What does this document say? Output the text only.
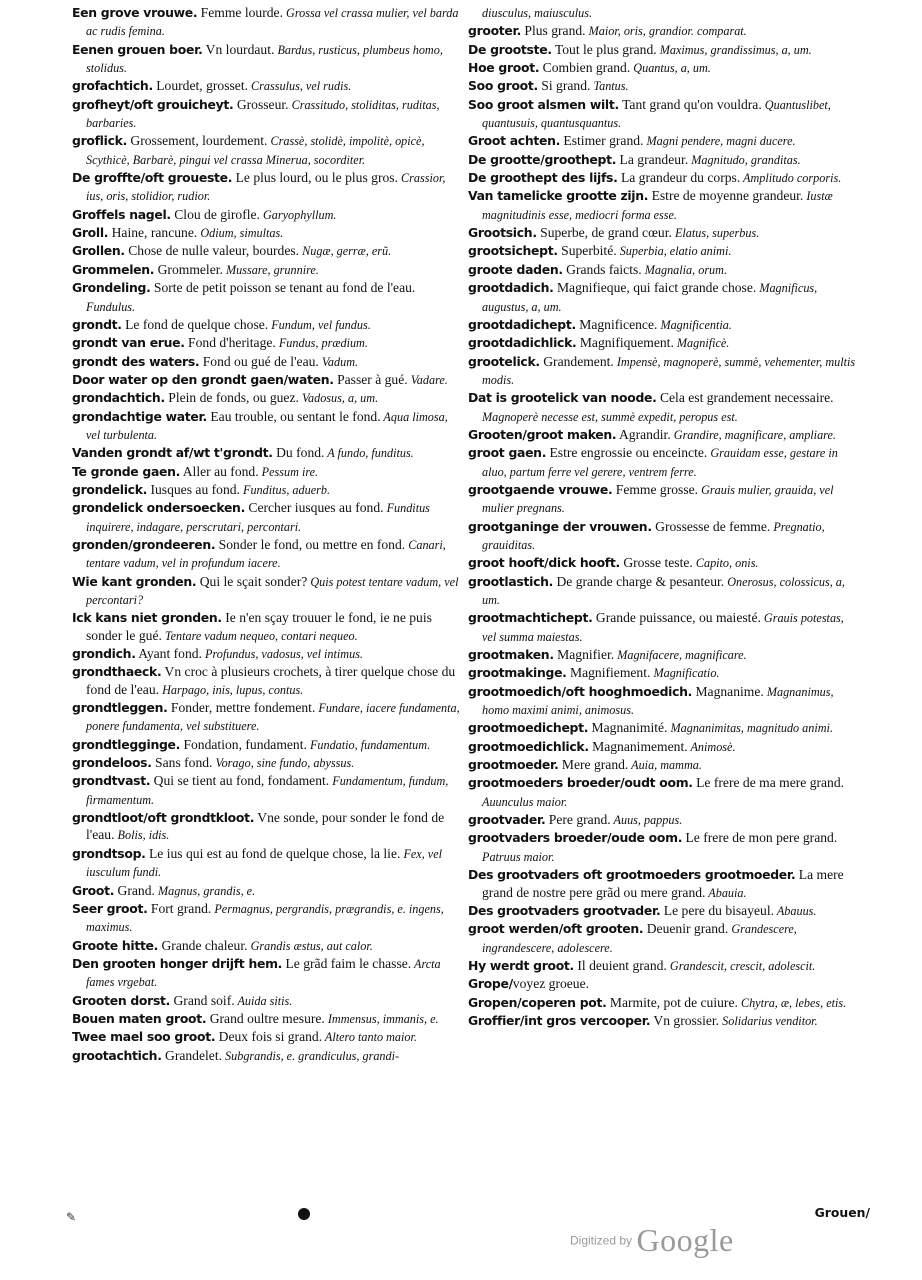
Een grove vrouwe. Femme lourde. Grossa vel crassa mulier, vel barda ac rudis femina.

Eenen grouen boer. Vn lourdaut. Bardus, rusticus, plumbeus homo, stolidus.

grofachtich. Lourdet, grosset. Crassulus, vel rudis.

grofheyt/oft grouicheyt. Grosseur. Crassitudo, stoliditas, ruditas, barbaries.

groflick. Grossement, lourdement. Crassè, stolidè, impolitè, opicè, Scythicè, Barbarè, pingui vel crassa Minerua, socorditer.

De groffte/oft groueste. Le plus lourd, ou le plus gros. Crassior, ius, oris, stolidior, rudior.

Groffels nagel. Clou de girofle. Garyophyllum.

Groll. Haine, rancune. Odium, simultas.

Grollen. Chose de nulle valeur, bourdes. Nugæ, gerræ, erũ.

Grommelen. Grommeler. Mussare, grunnire.

Grondeling. Sorte de petit poisson se tenant au fond de l'eau. Fundulus.

grondt. Le fond de quelque chose. Fundum, vel fundus.

grondt van erue. Fond d'heritage. Fundus, prædium.

grondt des waters. Fond ou gué de l'eau. Vadum.

Door water op den grondt gaen/waten. Passer à gué. Vadare.

grondachtich. Plein de fonds, ou guez. Vadosus, a, um.

grondachtige water. Eau trouble, ou sentant le fond. Aqua limosa, vel turbulenta.

Vanden grondt af/wt t'grondt. Du fond. A fundo, funditus.

Te gronde gaen. Aller au fond. Pessum ire.

grondelick. Iusques au fond. Funditus, aduerb.

grondelick ondersoecken. Cercher iusques au fond. Funditus inquirere, indagare, perscrutari, percontari.

gronden/grondeeren. Sonder le fond, ou mettre en fond. Canari, tentare vadum, vel in profundum iacere.

Wie kant gronden. Qui le sçait sonder? Quis potest tentare vadum, vel percontari?

Ick kans niet gronden. Ie n'en sçay trouuer le fond, ie ne puis sonder le gué. Tentare vadum nequeo, contari nequeo.

grondich. Ayant fond. Profundus, vadosus, vel intimus.

grondthaeck. Vn croc à plusieurs crochets, à tirer quelque chose du fond de l'eau. Harpago, inis, lupus, contus.

grondtleggen. Fonder, mettre fondement. Fundare, iacere fundamenta, ponere fundamenta, vel substituere.

grondtlegginge. Fondation, fundament. Fundatio, fundamentum.

grondeloos. Sans fond. Vorago, sine fundo, abyssus.

grondtvast. Qui se tient au fond, fondament. Fundamentum, fundum, firmamentum.

grondtloot/oft grondtkloot. Vne sonde, pour sonder le fond de l'eau. Bolis, idis.

grondtsop. Le ius qui est au fond de quelque chose, la lie. Fex, vel iusculum fundi.

Groot. Grand. Magnus, grandis, e.

Seer groot. Fort grand. Permagnus, pergrandis, prægrandis, e. ingens, maximus.

Groote hitte. Grande chaleur. Grandis æstus, aut calor.

Den grooten honger drijft hem. Le grãd faim le chasse. Arcta fames vrgebat.

Grooten dorst. Grand soif. Auida sitis.

Bouen maten groot. Grand oultre mesure. Immensus, immanis, e.

Twee mael soo groot. Deux fois si grand. Altero tanto maior.

grootachtich. Grandelet. Subgrandis, e. grandiculus, grandi-

diusculus, maiusculus.

grooter. Plus grand. Maior, oris, grandior. comparat.

De grootste. Tout le plus grand. Maximus, grandissimus, a, um.

Hoe groot. Combien grand. Quantus, a, um.

Soo groot. Si grand. Tantus.

Soo groot alsmen wilt. Tant grand qu'on vouldra. Quantuslibet, quantusuis, quantusquantus.

Groot achten. Estimer grand. Magni pendere, magni ducere.

De grootte/groothept. La grandeur. Magnitudo, granditas.

De groothept des lijfs. La grandeur du corps. Amplitudo corporis.

Van tamelicke grootte zijn. Estre de moyenne grandeur. Iustæ magnitudinis esse, mediocri forma esse.

Grootsich. Superbe, de grand cœur. Elatus, superbus.

grootsichept. Superbité. Superbia, elatio animi.

groote daden. Grands faicts. Magnalia, orum.

grootdadich. Magnifieque, qui faict grande chose. Magnificus, augustus, a, um.

grootdadichept. Magnificence. Magnificentia.

grootdadichlick. Magnifiquement. Magnificè.

grootelick. Grandement. Impensè, magnoperè, summè, vehementer, multis modis.

Dat is grootelick van noode. Cela est grandement necessaire. Magnoperè necesse est, summè expedit, peropus est.

Grooten/groot maken. Agrandir. Grandire, magnificare, ampliare.

groot gaen. Estre engrossie ou enceincte. Grauidam esse, gestare in aluo, partum ferre vel gerere, ventrem ferre.

grootgaende vrouwe. Femme grosse. Grauis mulier, grauida, vel mulier pregnans.

grootganinge der vrouwen. Grossesse de femme. Pregnatio, grauiditas.

groot hooft/dick hooft. Grosse teste. Capito, onis.

grootlastich. De grande charge & pesanteur. Onerosus, colossicus, a, um.

grootmachtichept. Grande puissance, ou maiesté. Grauis potestas, vel summa maiestas.

grootmaken. Magnifier. Magnifacere, magnificare.

grootmakinge. Magnifiement. Magnificatio.

grootmoedich/oft hooghmoedich. Magnanime. Magnanimus, homo maximi animi, animosus.

grootmoedichept. Magnanimité. Magnanimitas, magnitudo animi.

grootmoedichlick. Magnanimement. Animosè.

grootmoeder. Mere grand. Auia, mamma.

grootmoeders broeder/oudt oom. Le frere de ma mere grand. Auunculus maior.

grootvader. Pere grand. Auus, pappus.

grootvaders broeder/oude oom. Le frere de mon pere grand. Patruus maior.

Des grootvaders oft grootmoeders grootmoeder. La mere grand de nostre pere grãd ou mere grand. Abauia.

Des grootvaders grootvader. Le pere du bisayeul. Abauus.

groot werden/oft grooten. Deuenir grand. Grandescere, ingrandescere, adolescere.

Hy werdt groot. Il deuient grand. Grandescit, crescit, adolescit.

Grope/voyez groeue.

Gropen/coperen pot. Marmite, pot de cuiure. Chytra, æ, lebes, etis.

Groffier/int gros vercooper. Vn grossier. Solidarius venditor.

✎	Grouen/
Digitized by Google
